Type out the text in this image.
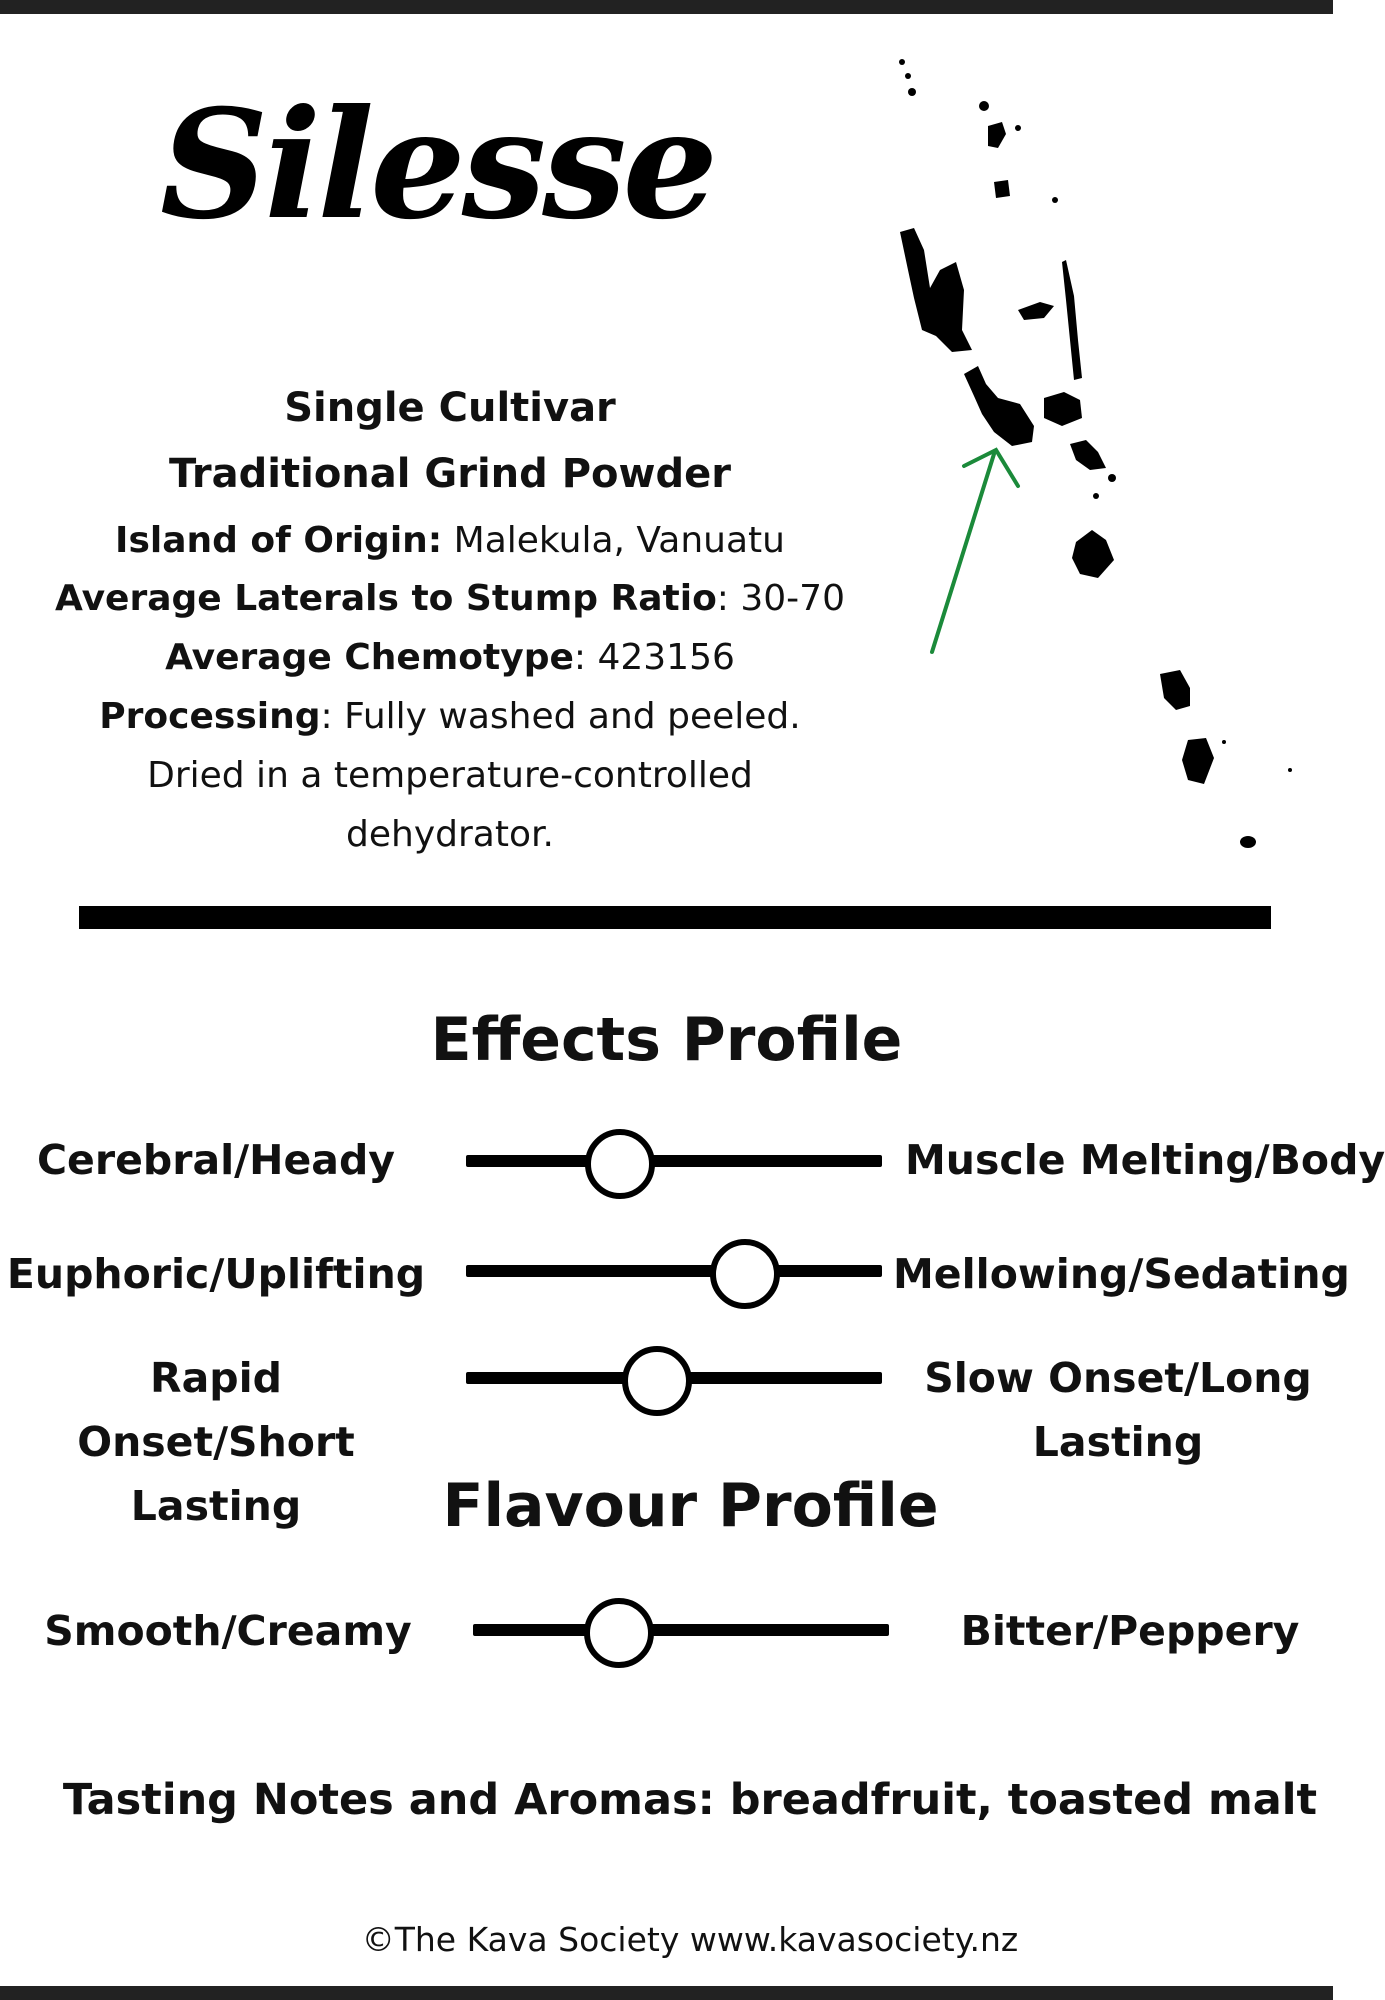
Silesse
Single Cultivar
Traditional Grind Powder
Island of Origin: Malekula, Vanuatu
Average Laterals to Stump Ratio: 30-70
Average Chemotype: 423156
Processing: Fully washed and peeled.
Dried in a temperature-controlled
dehydrator.
Effects Profile
Cerebral/Heady	Muscle Melting/Body
Euphoric/Uplifting	Mellowing/Sedating
Rapid Onset/Short Lasting
Slow Onset/Long Lasting
Flavour Profile
Smooth/Creamy	Bitter/Peppery
Tasting Notes and Aromas: breadfruit, toasted malt
©The Kava Society www.kavasociety.nz
